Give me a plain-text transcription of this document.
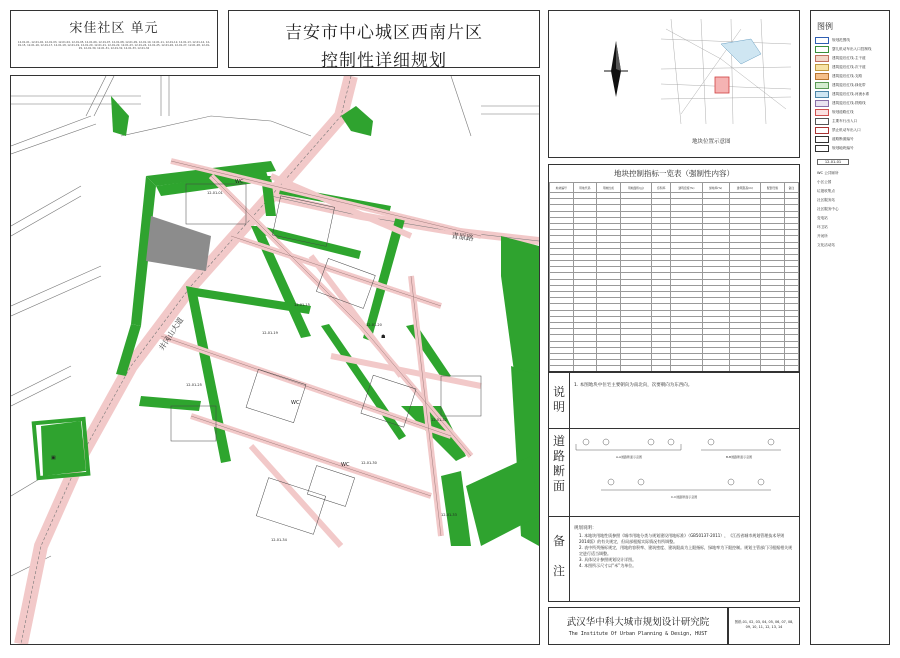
宋佳社区 单元
12-01-01, 12-01-02, 12-01-03, 12-01-04, 12-01-05, 12-01-06, 12-01-07, 12-01-08, 12-01-09, 12-01-10, 12-01-11, 12-01-12, 12-01-13, 12-01-14, 12-01-15, 12-01-16, 12-01-17, 12-01-18, 12-01-19, 12-01-20, 12-01-21, 12-01-22, 12-01-23, 12-01-24, 12-01-25, 12-01-26, 12-01-27, 12-01-28, 12-01-29, 12-01-30, 12-01-31, 12-01-32, 12-01-33, 12-01-34
吉安市中心城区西南片区
控制性详细规划
12-01-01
WC
12-01-15
12-01-19
12-01-20
☗
12-01-25
WC
WC	12-01-30
12-01-32
12-01-33
12-01-34
▣
井冈山大道
青原路
地块位置示意图
图例
规划范围线
婴儿机动车出入口控制线
建筑退后红线-主干道
建筑退后红线-次干道
建筑退后红线-支路
建筑退后红线-绿化带
建筑退后红线-河流水系
建筑退后红线-铁路线
规划道路红线
主要车行出入口
禁止机动车出入口
道路断面编号
规划地块编号
12-01-01
WC 公共厕所
小区公园
垃圾收集点
社区服务站
社区服务中心
变电站
环卫站
开闭所
文化活动站
地块控制指标一览表（强制性内容）
地块编号	用地代码	用地性质	用地面积(㎡)	容积率	建筑密度(%)	绿地率(%)	建筑限高(m)	配套设施	备注

说
明
1. 本图地块中住宅主要朝向为南北向，次要朝向为东西向。
道
路
断
面
A-A道路断面示意图	B-B道路断面示意图
C-C道路断面示意图
备

注
规划说明：
1. 本地块用地性质参照《城市用地分类与规划建设用地标准》（GB50137-2011），《江西省城市规划管理技术导则2014版》的有关规定，但局部根据实际情况有所调整。
2. 表中所列指标规定，用地的容积率、建筑密度、建筑限高为上限指标，绿地率为下限控制。规划主管部门可根据相关规定进行适当调整。
3. 具体设计参照规划设计详图。
4. 本图所示尺寸以“米”为单位。
武汉华中科大城市规划设计研究院
The Institute Of Urban Planning & Design, HUST
图纸-01, 02, 03, 04, 05, 06, 07, 08, 09, 10, 11, 12, 13, 14
